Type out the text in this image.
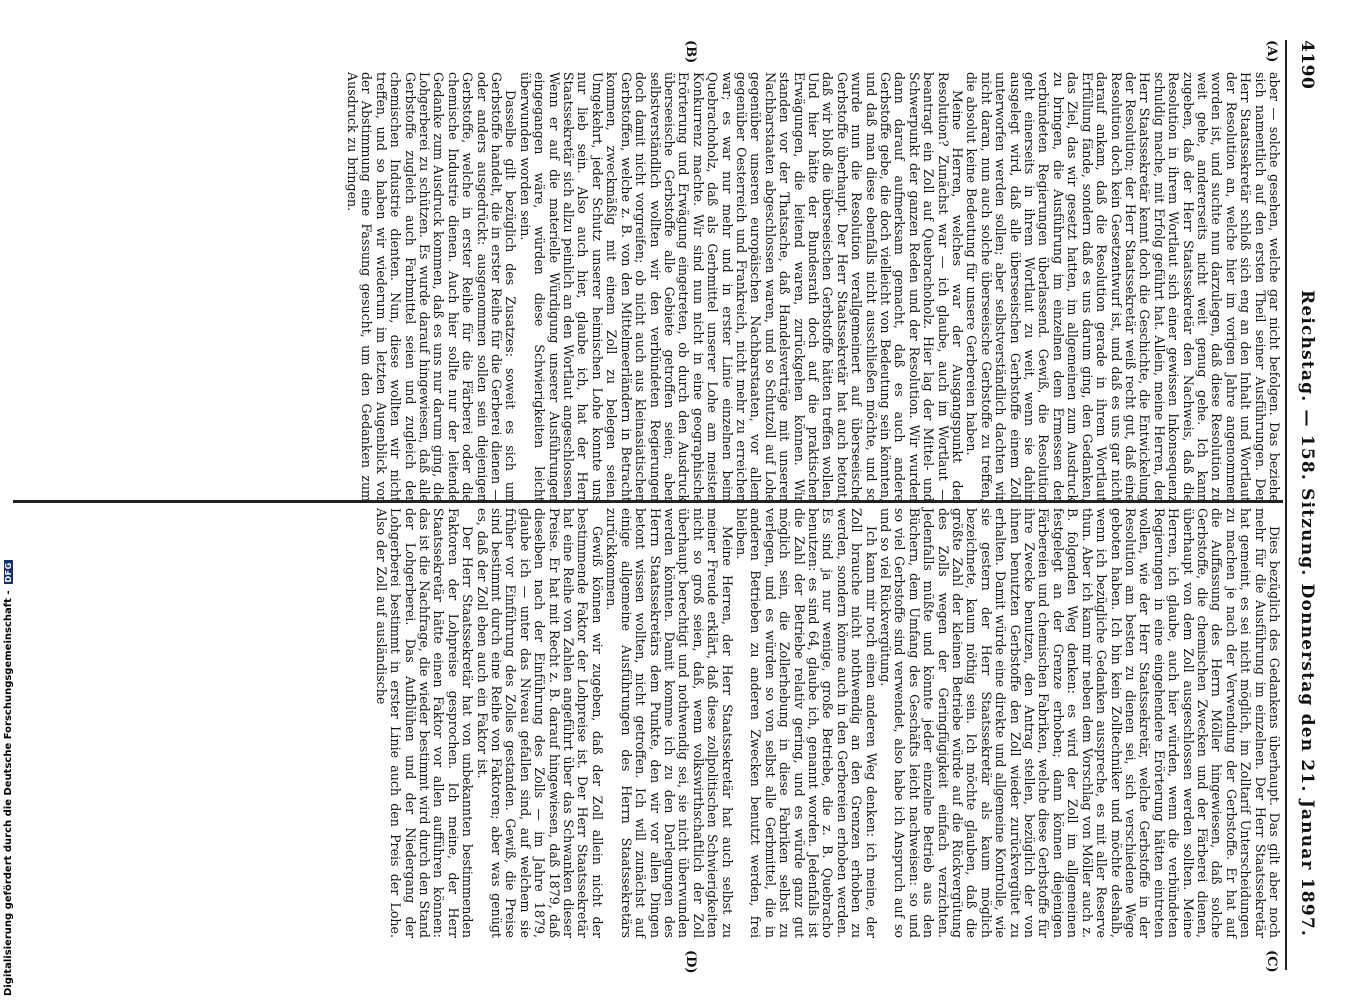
Digitalisierung gefördert durch die Deutsche Forschungsgemeinschaft -DFG
4190
Reichstag. — 158. Sitzung. Donnerstag den 21. Januar 1897.
(A)
(B)
(C)
(D)

aber — solche gesehen, welche gar nicht befolgen. Das beziehe sich namentlich auf den ersten Theil seiner Ausführungen. Der Herr Staatssekretär schloß sich eng an den Inhalt und Wortlaut der Resolution an, welche hier im vorigen Jahre angenommen worden ist, und suchte nun darzulegen, daß diese Resolution zu weit gehe, andererseits nicht weit genug gehe. Ich kann zugeben, daß der Herr Staatssekretär den Nachweis, daß die Resolution in ihrem Wortlaut sich einer gewissen Inkonsequenz schuldig mache, mit Erfolg geführt hat. Allein, meine Herren, der Herr Staatssekretär kennt doch die Geschichte, die Entwickelung der Resolution; der Herr Staatssekretär weiß recht gut, daß eine Resolution doch kein Gesetzentwurf ist, und daß es uns gar nicht darauf ankam, daß die Resolution gerade in ihrem Wortlaut Erfüllung fände, sondern daß es uns darum ging, den Gedanken, das Ziel, das wir gesetzt hatten, im allgemeinen zum Ausdruck zu bringen, die Ausführung im einzelnen dem Ermessen der verbündeten Regierungen überlassend. Gewiß, die Resolution geht einerseits in ihrem Wortlaut zu weit, wenn sie dahin ausgelegt wird, daß alle überseeischen Gerbstoffe einem Zoll unterworfen werden sollen; aber selbstverständlich dachten wir nicht daran, nun auch solche überseeische Gerbstoffe zu treffen, die absolut keine Bedeutung für unsere Gerbereien haben.

Meine Herren, welches war der Ausgangspunkt der Resolution? Zunächst war — ich glaube, auch im Wortlaut — beantragt ein Zoll auf Quebrachoholz. Hier lag der Mittel- und Schwerpunkt der ganzen Reden und der Resolution. Wir wurden dann darauf aufmerksam gemacht, daß es auch andere Gerbstoffe gebe, die doch vielleicht von Bedeutung sein könnten, und daß man diese ebenfalls nicht ausschließen möchte, und so wurde nun die Resolution verallgemeinert auf überseeische Gerbstoffe überhaupt. Der Herr Staatssekretär hat auch betont, daß wir bloß die überseeischen Gerbstoffe hätten treffen wollen. Und hier hätte der Bundesrath doch auf die praktischen Erwägungen, die leitend waren, zurückgehen können. Wir standen vor der Thatsache, daß Handelsverträge mit unseren Nachbarstaaten abgeschlossen waren, und so Schutzoll auf Lohe gegenüber unseren europäischen Nachbarstaaten, vor allem gegenüber Oesterreich und Frankreich, nicht mehr zu erreichen war; es war nur mehr und in erster Linie einzelnen beim Quebrachoholz, daß als Gerbmittel unserer Lohe am meisten Konkurrenz machte. Wir sind nun nicht in eine geographische Erörterung und Erwägung eingetreten, ob durch den Ausdruck überseeische Gerbstoffe alle Gebiete getroffen seien; aber selbstverständlich wollten wir den verbündeten Regierungen doch damit nicht vorgreifen; ob nicht auch aus kleinasiatischen Gerbstoffen, welche z. B. von den Mittelmeerländern in Betracht kommen, zweckmäßig mit einem Zoll zu belegen seien. Umgekehrt, jeder Schutz unserer heimischen Lohe konnte uns nur lieb sein. Also auch hier, glaube ich, hat der Herr Staatssekretär sich allzu peinlich an den Wortlaut angeschlossen. Wenn er auf die materielle Würdigung unserer Ausführungen eingegangen wäre, würden diese Schwierigkeiten leicht überwunden worden sein.

Dasselbe gilt bezüglich des Zusatzes: soweit es sich um Gerbstoffe handelt, die in erster Reihe für die Gerberei dienen — oder anders ausgedrückt: ausgenommen sollen sein diejenigen Gerbstoffe, welche in erster Reihe für die Färberei oder die chemische Industrie dienen. Auch hier sollte nur der leitende Gedanke zum Ausdruck kommen, daß es uns nur darum ging, die Lohgerberei zu schützen. Es wurde darauf hingewiesen, daß alle Gerbstoffe zugleich auch Farbmittel seien und zugleich der chemischen Industrie dienten. Nun, diese wollten wir nicht treffen, und so haben wir wiederum im letzten Augenblick vor der Abstimmung eine Fassung gesucht, um den Gedanken zum Ausdruck zu bringen.

Dies bezüglich des Gedankens überhaupt. Das gilt aber noch mehr für die Ausführung im einzelnen. Der Herr Staatssekretär hat gemeint, es sei nicht möglich, im Zolltarif Unterscheidungen zu machen je nach der Verwendung der Gerbstoffe. Er hat auf die Auffassung des Herrn Möller hingewiesen, daß solche Gerbstoffe, die chemischen Zwecken und der Färberei dienen, überhaupt von dem Zoll ausgeschlossen werden sollten. Meine Herren, ich glaube, auch hier würden, wenn die verbündeten Regierungen in eine eingehendere Erörterung hätten eintreten wollen, wie der Herr Staatssekretär, welche Gerbstoffe in der Resolution am besten zu dienen sei, sich verschiedene Wege geboten haben. Ich bin kein Zolltechniker und möchte deshalb, wenn ich bezügliche Gedanken ausspreche, es mit aller Reserve thun. Aber ich kann mir neben dem Vorschlag von Möller auch z. B. folgenden Weg denken: es wird der Zoll im allgemeinen festgelegt an der Grenze erhoben; dann können diejenigen Färbereien und chemischen Fabriken, welche diese Gerbstoffe für ihre Zwecke benutzen, den Antrag stellen, bezüglich der von ihnen benutzten Gerbstoffe den Zoll wieder zurückvergütet zu erhalten. Damit würde eine direkte und allgemeine Kontrolle, wie sie gestern der Herr Staatssekretär als kaum möglich bezeichnete, kaum nöthig sein. Ich möchte glauben, daß die größte Zahl der kleinen Betriebe würde auf die Rückvergütung des Zolls wegen der Geringfügigkeit einfach verzichten. Jedenfalls müßte und könnte jeder einzelne Betrieb aus den Büchern, dem Umfang des Geschäfts leicht nachweisen: so und so viel Gerbstoffe sind verwendet, also habe ich Anspruch auf so und so viel Rückvergütung.

Ich kann mir noch einen anderen Weg denken: ich meine, der Zoll brauche nicht nothwendig an den Grenzen erhoben zu werden, sondern könne auch in den Gerbereien erhoben werden. Es sind ja nur wenige, große Betriebe, die z. B. Quebracho benutzen: es sind 64, glaube ich, genannt worden. Jedenfalls ist die Zahl der Betriebe relativ gering, und es würde ganz gut möglich sein, die Zollerhebung in diese Fabriken selbst zu verlegen, und es würden so von selbst alle Gerbmittel, die in anderen Betrieben zu anderen Zwecken benutzt werden, frei bleiben.

Meine Herren, der Herr Staatssekretär hat auch selbst zu meiner Freude erklärt, daß diese zollpolitischen Schwierigkeiten nicht so groß seien, daß, wenn volkswirthschaftlich der Zoll überhaupt berechtigt und nothwendig sei, sie nicht überwunden werden könnten. Damit komme ich zu den Darlegungen des Herrn Staatssekretärs dem Punkte, den wir vor allen Dingen betont wissen wollten, nicht getroffen. Ich will zunächst auf einige allgemeine Ausführungen des Herrn Staatssekretärs zurückkommen.

Gewiß können wir zugeben, daß der Zoll allein nicht der bestimmende Faktor der Lohpreise ist. Der Herr Staatssekretär hat eine Reihe von Zahlen angeführt über das Schwanken dieser Preise. Er hat mit Recht z. B. darauf hingewiesen, daß 1879, daß dieselben nach der Einführung des Zolls — im Jahre 1879, glaube ich — unter das Niveau gefallen sind, auf welchem sie früher vor Einführung des Zolles gestanden. Gewiß, die Preise sind bestimmt durch eine Reihe von Faktoren; aber was genügt es, daß der Zoll eben auch ein Faktor ist.

Der Herr Staatssekretär hat von unbekannten bestimmenden Faktoren der Lohpreise gesprochen. Ich meine, der Herr Staatssekretär hätte einen Faktor vor allen aufführen können: das ist die Nachfrage, die wieder bestimmt wird durch den Stand der Lohgerberei. Das Aufblühen und der Niedergang der Lohgerberei bestimmt in erster Linie auch den Preis der Lohe. Also der Zoll auf ausländische
